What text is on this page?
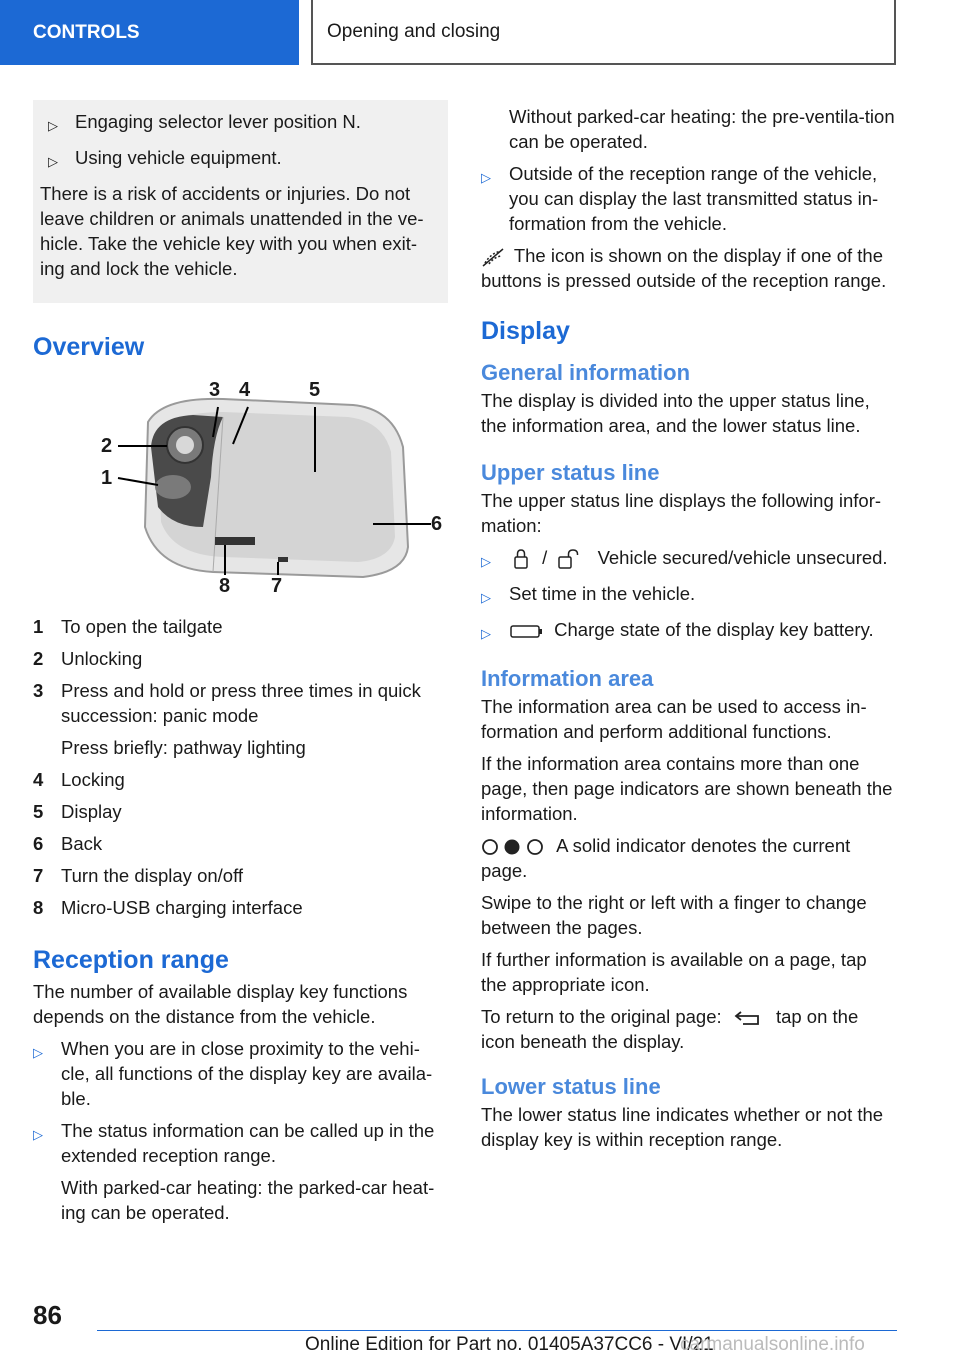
CONTROLS	Opening and closing
▷ Engaging selector lever position N.
▷ Using vehicle equipment.

There is a risk of accidents or injuries. Do not leave children or animals unattended in the ve-hicle. Take the vehicle key with you when exit-ing and lock the vehicle.

Overview
1
2
3 4	5
6
7
8
1 To open the tailgate
2 Unlocking
3 Press and hold or press three times in quick succession: panic mode
Press briefly: pathway lighting
4 Locking
5 Display
6 Back
7 Turn the display on/off
8 Micro-USB charging interface
Reception range

The number of available display key functions depends on the distance from the vehicle.

▷ When you are in close proximity to the vehi-cle, all functions of the display key are availa-ble.
▷ The status information can be called up in the extended reception range.
With parked-car heating: the parked-car heat-ing can be operated.
Without parked-car heating: the pre-ventila-tion can be operated.
▷ Outside of the reception range of the vehicle, you can display the last transmitted status in-formation from the vehicle.

The icon is shown on the display if one of the buttons is pressed outside of the reception range.

Display
General information

The display is divided into the upper status line, the information area, and the lower status line.

Upper status line

The upper status line displays the following infor-mation:

▷	/	Vehicle secured/vehicle unsecured.
▷ Set time in the vehicle.
▷	Charge state of the display key battery.
Information area

The information area can be used to access in-formation and perform additional functions.

If the information area contains more than one page, then page indicators are shown beneath the information.

A solid indicator denotes the current page.

Swipe to the right or left with a finger to change between the pages.

If further information is available on a page, tap the appropriate icon.

To return to the original page:	tap on the icon beneath the display.

Lower status line

The lower status line indicates whether or not the display key is within reception range.

86
Online Edition for Part no. 01405A37CC6 - VI/21
carmanualsonline.info
